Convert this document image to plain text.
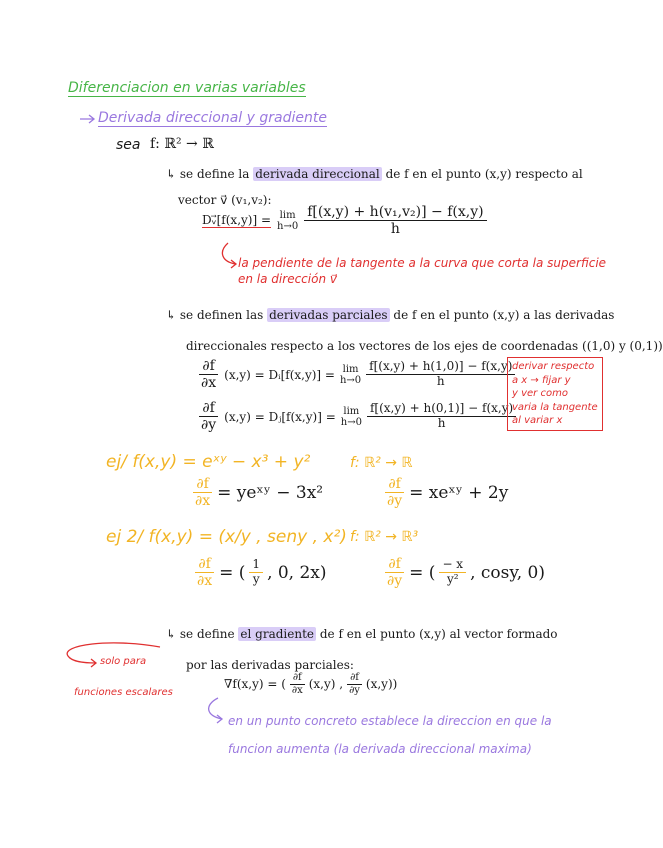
Diferenciacion en varias variables
Derivada direccional y gradiente
sea f: ℝ² → ℝ
↳ se define la derivada direccional de f en el punto (x,y) respecto al
vector v⃗ (v₁,v₂):
Dᵥ⃗[f(x,y)] = lim
$h\to 0 \frac{\text{f[(x,y) + h(v₁,v₂)] − f(x,y)}}{h}$
la pendiente de la tangente a la curva que corta la superficie
en la dirección v⃗
↳ se definen las derivadas parciales de f en el punto (x,y) a las derivadas
direccionales respecto a los vectores de los ejes de coordenadas ((1,0) y (0,1))
$\frac{\partial f}{\partial x} (x,y)$ = Dᵢ[f(x,y)] = lim
$h\to 0 \frac{f[(x,y) + h(1,0)] - f(x,y)}{h}$
$\frac{\partial f}{\partial y} (x,y)$ = Dⱼ[f(x,y)] = lim
$h\to 0 \frac{f[(x,y) + h(0,1)] - f(x,y)}{h}$
derivar respecto
a x → fijar y
y ver como
varia la tangente
al variar x
ej/ f(x,y) = eˣʸ − x³ + y²	f: ℝ² → ℝ
$\frac{\partial f}{\partial x}$ = yeˣʸ − 3x²	$\frac{\partial f}{\partial y}$ = xeˣʸ + 2y
ej 2/ f(x,y) = (x/y , seny , x²) f: ℝ² → ℝ³
$\frac{\partial f}{\partial x}$ = ( $\frac{1}{y}$ , 0, 2x)	$\frac{\partial f}{\partial y}$ = ( $\frac{- x}{\text{y²}}$ , cosy, 0)
↳ se define el gradiente de f en el punto (x,y) al vector formado
por las derivadas parciales:
solo para
funciones escalares
∇f(x,y) = ( $\frac{\partial f}{\partial x} (x,y)$ , $\frac{\partial f}{\partial y} (x,y)$)
en un punto concreto establece la direccion en que la
funcion aumenta (la derivada direccional maxima)
